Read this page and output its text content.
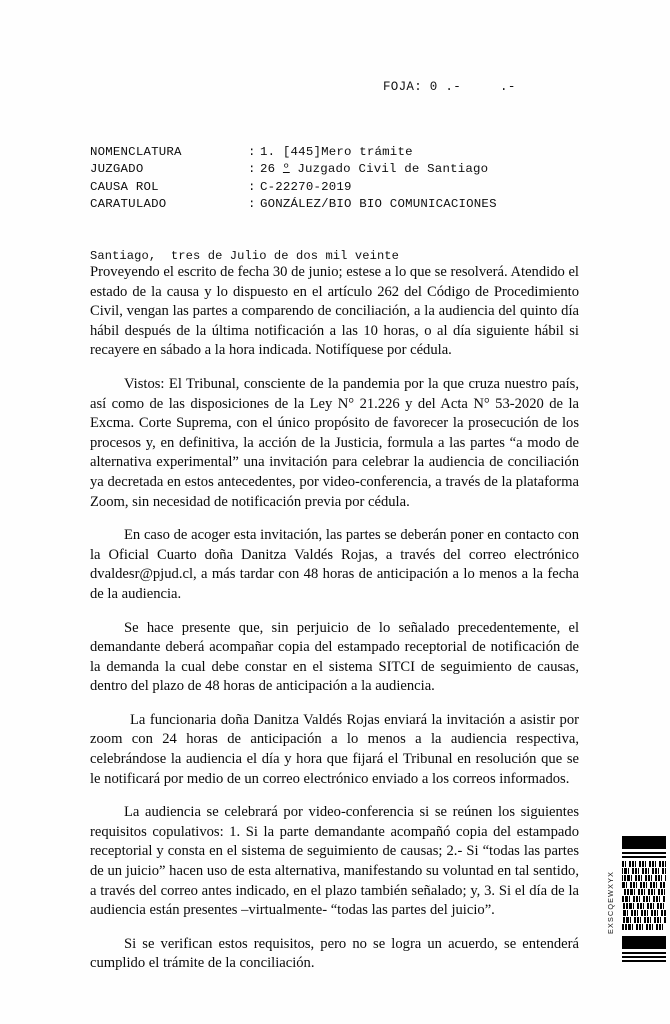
FOJA: 0 .-     .-
NOMENCLATURA	: 1. [445]Mero trámite
JUZGADO	: 26 º Juzgado Civil de Santiago
CAUSA ROL	: C-22270-2019
CARATULADO	: GONZÁLEZ/BIO BIO COMUNICACIONES
Santiago,  tres de Julio de dos mil veinte

Proveyendo el escrito de fecha 30 de junio; estese a lo que se resolverá. Atendido el estado de la causa y lo dispuesto en el artículo 262 del Código de Procedimiento Civil, vengan las partes a comparendo de conciliación, a la audiencia del quinto día hábil después de la última notificación a las 10 horas, o al día siguiente hábil si recayere en sábado a la hora indicada. Notifíquese por cédula.

Vistos: El Tribunal, consciente de la pandemia por la que cruza nuestro país, así como de las disposiciones de la Ley N° 21.226 y del Acta N° 53-2020 de la Excma. Corte Suprema, con el único propósito de favorecer la prosecución de los procesos y, en definitiva, la acción de la Justicia, formula a las partes “a modo de alternativa experimental” una invitación para celebrar la audiencia de conciliación ya decretada en estos antecedentes, por video-conferencia, a través de la plataforma Zoom, sin necesidad de notificación previa por cédula.

En caso de acoger esta invitación, las partes se deberán poner en contacto con la Oficial Cuarto doña Danitza Valdés Rojas, a través del correo electrónico dvaldesr@pjud.cl, a más tardar con 48 horas de anticipación a lo menos a la fecha de la audiencia.

Se hace presente que, sin perjuicio de lo señalado precedentemente, el demandante deberá acompañar copia del estampado receptorial de notificación de la demanda la cual debe constar en el sistema SITCI de seguimiento de causas, dentro del plazo de 48 horas de anticipación a la audiencia.

La funcionaria doña Danitza Valdés Rojas enviará la invitación a asistir por zoom con 24 horas de anticipación a lo menos a la audiencia respectiva, celebrándose la audiencia el día y hora que fijará el Tribunal en resolución que se le notificará por medio de un correo electrónico enviado a los correos informados.

La audiencia se celebrará por video-conferencia si se reúnen los siguientes requisitos copulativos: 1. Si la parte demandante acompañó copia del estampado receptorial y consta en el sistema de seguimiento de causas; 2.- Si “todas las partes de un juicio” hacen uso de esta alternativa, manifestando su voluntad en tal sentido, a través del correo antes indicado, en el plazo también señalado; y, 3. Si el día de la audiencia están presentes –virtualmente- “todas las partes del juicio”.

Si se verifican estos requisitos, pero no se logra un acuerdo, se entenderá cumplido el trámite de la conciliación.

EXSCQEWXYX
